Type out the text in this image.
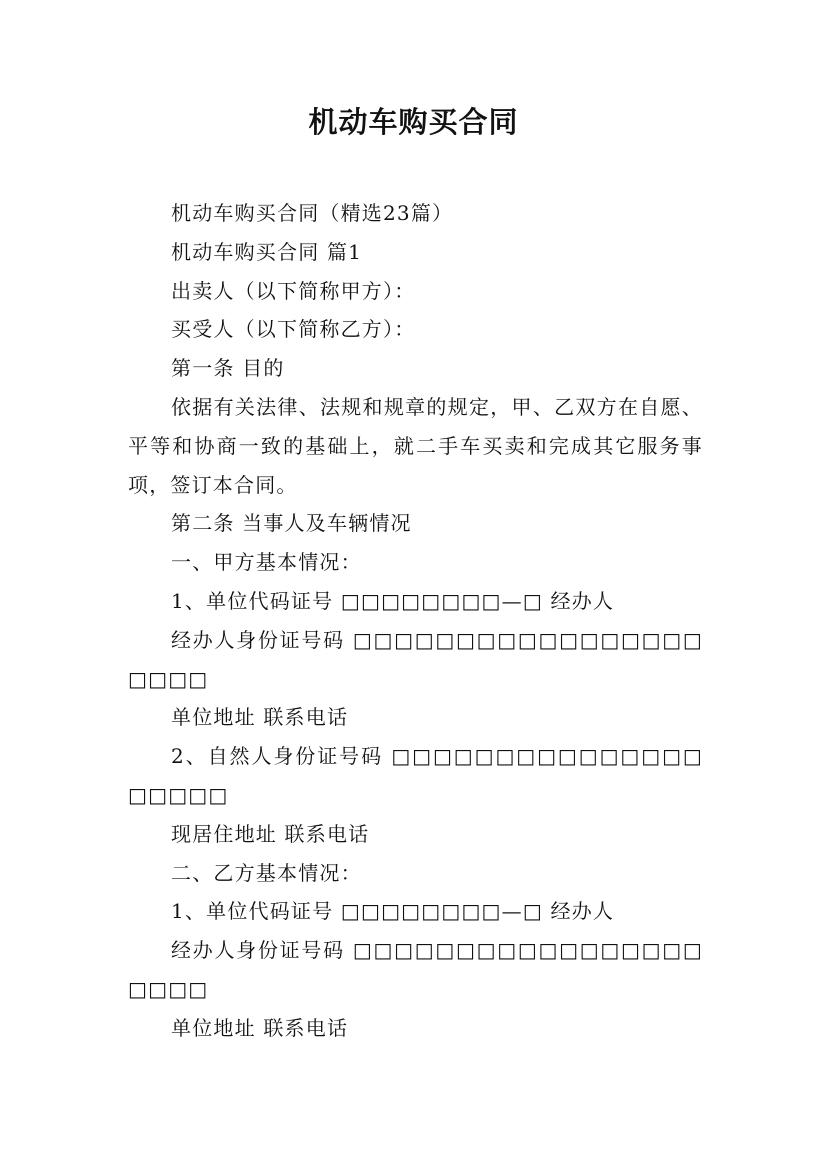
机动车购买合同

机动车购买合同（精选23篇）

机动车购买合同 篇1

出卖人（以下简称甲方）：

买受人（以下简称乙方）：

第一条 目的

依据有关法律、法规和规章的规定，甲、乙双方在自愿、平等和协商一致的基础上，就二手车买卖和完成其它服务事项，签订本合同。

第二条 当事人及车辆情况

一、甲方基本情况：

1、单位代码证号 □□□□□□□□—□ 经办人

经办人身份证号码 □□□□□□□□□□□□□□□□□□□□□

单位地址 联系电话

2、自然人身份证号码 □□□□□□□□□□□□□□□□□□□□

现居住地址 联系电话

二、乙方基本情况：

1、单位代码证号 □□□□□□□□—□ 经办人

经办人身份证号码 □□□□□□□□□□□□□□□□□□□□□

单位地址 联系电话
